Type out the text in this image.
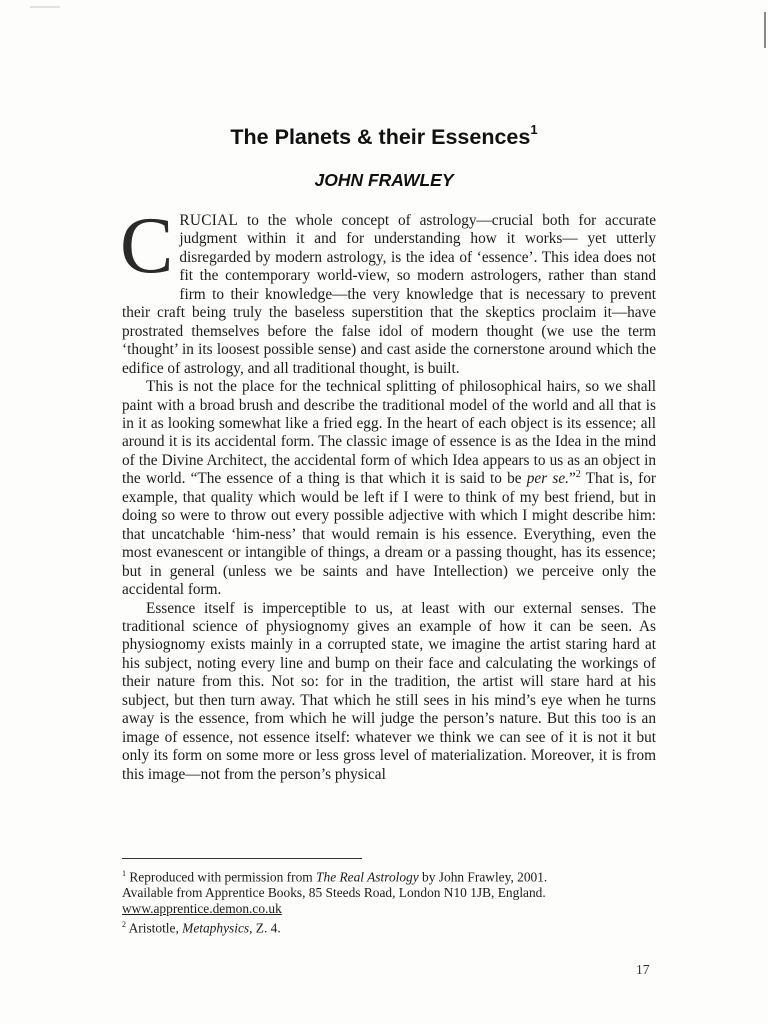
The Planets & their Essences$^1$
JOHN FRAWLEY

CRUCIAL to the whole concept of astrology—crucial both for accurate judgment within it and for understanding how it works— yet utterly disregarded by modern astrology, is the idea of ‘essence’. This idea does not fit the contemporary world-view, so modern astrologers, rather than stand firm to their knowledge—the very knowledge that is necessary to prevent their craft being truly the baseless superstition that the skeptics proclaim it—have prostrated themselves before the false idol of modern thought (we use the term ‘thought’ in its loosest possible sense) and cast aside the cornerstone around which the edifice of astrology, and all traditional thought, is built.

This is not the place for the technical splitting of philosophical hairs, so we shall paint with a broad brush and describe the traditional model of the world and all that is in it as looking somewhat like a fried egg. In the heart of each object is its essence; all around it is its accidental form. The classic image of essence is as the Idea in the mind of the Divine Architect, the accidental form of which Idea appears to us as an object in the world. “The essence of a thing is that which it is said to be per se.”$^2$ That is, for example, that quality which would be left if I were to think of my best friend, but in doing so were to throw out every possible adjective with which I might describe him: that uncatchable ‘him-ness’ that would remain is his essence. Everything, even the most evanescent or intangible of things, a dream or a passing thought, has its essence; but in general (unless we be saints and have Intellection) we perceive only the accidental form.

Essence itself is imperceptible to us, at least with our external senses. The traditional science of physiognomy gives an example of how it can be seen. As physiognomy exists mainly in a corrupted state, we imagine the artist staring hard at his subject, noting every line and bump on their face and calculating the workings of their nature from this. Not so: for in the tradition, the artist will stare hard at his subject, but then turn away. That which he still sees in his mind’s eye when he turns away is the essence, from which he will judge the person’s nature. But this too is an image of essence, not essence itself: whatever we think we can see of it is not it but only its form on some more or less gross level of materialization. Moreover, it is from this image—not from the person’s physical

$^1$ Reproduced with permission from The Real Astrology by John Frawley, 2001.
Available from Apprentice Books, 85 Steeds Road, London N10 1JB, England.
www.apprentice.demon.co.uk
$^2$ Aristotle, Metaphysics, Z. 4.
17
